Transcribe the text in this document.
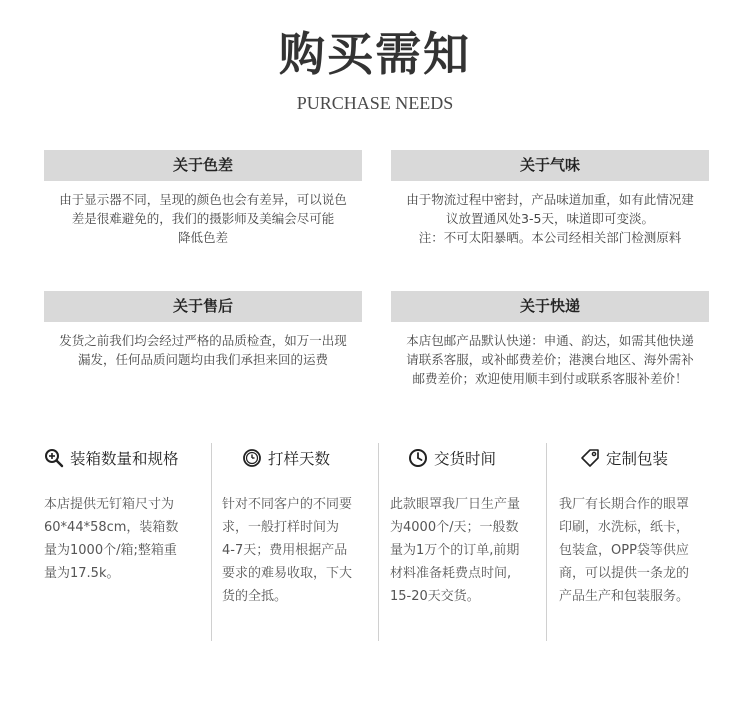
购买需知
PURCHASE NEEDS
关于色差
由于显示器不同，呈现的颜色也会有差异，可以说色
差是很难避免的，我们的摄影师及美编会尽可能
降低色差
关于气味
由于物流过程中密封，产品味道加重，如有此情况建
议放置通风处3-5天，味道即可变淡。
注：不可太阳暴晒。本公司经相关部门检测原料
关于售后
发货之前我们均会经过严格的品质检查，如万一出现
漏发，任何品质问题均由我们承担来回的运费
关于快递
本店包邮产品默认快递：申通、韵达，如需其他快递
请联系客服，或补邮费差价；港澳台地区、海外需补
邮费差价；欢迎使用顺丰到付或联系客服补差价！
装箱数量和规格
本店提供无钉箱尺寸为
60*44*58cm，装箱数
量为1000个/箱;整箱重
量为17.5k。
打样天数
针对不同客户的不同要
求，一般打样时间为
4-7天；费用根据产品
要求的难易收取，下大
货的全抵。
交货时间
此款眼罩我厂日生产量
为4000个/天；一般数
量为1万个的订单,前期
材料准备耗费点时间,
15-20天交货。
定制包装
我厂有长期合作的眼罩
印刷，水洗标，纸卡，
包装盒，OPP袋等供应
商，可以提供一条龙的
产品生产和包装服务。
